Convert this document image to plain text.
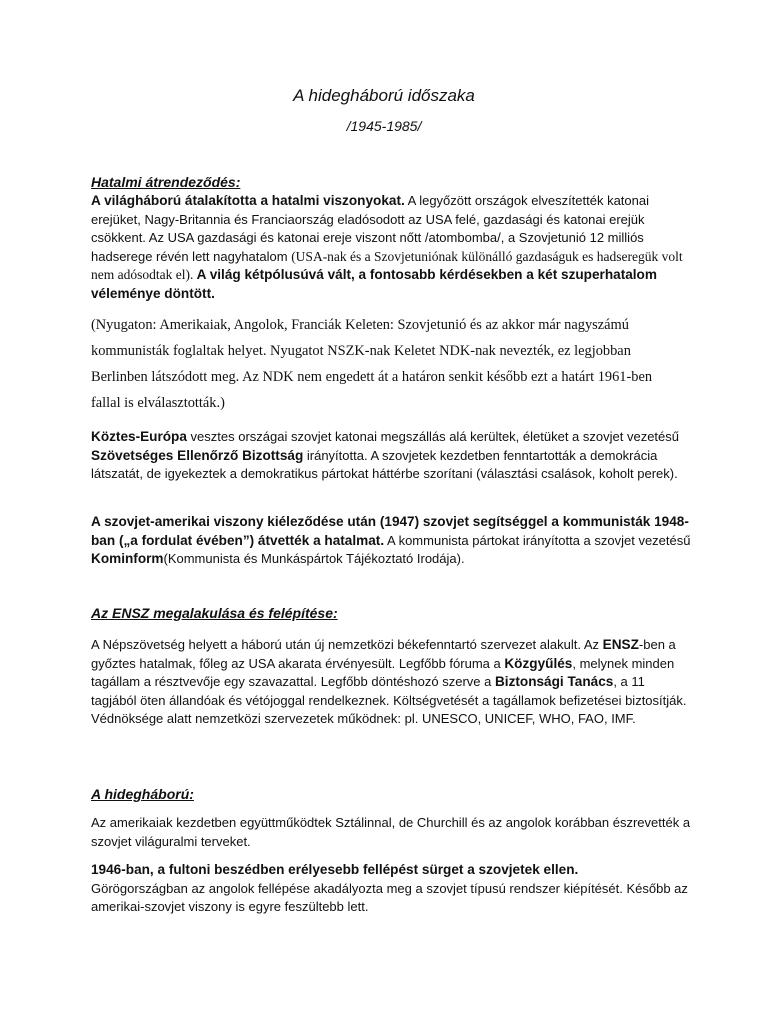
A hidegháború időszaka
/1945-1985/
Hatalmi átrendeződés:

A világháború átalakította a hatalmi viszonyokat. A legyőzött országok elveszítették katonai erejüket, Nagy-Britannia és Franciaország eladósodott az USA felé, gazdasági és katonai erejük csökkent. Az USA gazdasági és katonai ereje viszont nőtt /atombomba/, a Szovjetunió 12 milliós hadserege révén lett nagyhatalom (USA-nak és a Szovjetuniónak különálló gazdaságuk es hadseregük volt nem adósodtak el). A világ kétpólusúvá vált, a fontosabb kérdésekben a két szuperhatalom véleménye döntött.

(Nyugaton: Amerikaiak, Angolok, Franciák Keleten: Szovjetunió és az akkor már nagyszámú kommunisták foglaltak helyet. Nyugatot NSZK-nak Keletet NDK-nak nevezték, ez legjobban Berlinben látszódott meg. Az NDK nem engedett át a határon senkit később ezt a határt 1961-ben fallal is elválasztották.)

Köztes-Európa vesztes országai szovjet katonai megszállás alá kerültek, életüket a szovjet vezetésű Szövetséges Ellenőrző Bizottság irányította. A szovjetek kezdetben fenntartották a demokrácia látszatát, de igyekeztek a demokratikus pártokat háttérbe szorítani (választási csalások, koholt perek).

A szovjet-amerikai viszony kiéleződése után (1947) szovjet segítséggel a kommunisták 1948-ban („a fordulat évében”) átvették a hatalmat. A kommunista pártokat irányította a szovjet vezetésű Kominform(Kommunista és Munkáspártok Tájékoztató Irodája).

Az ENSZ megalakulása és felépítése:

A Népszövetség helyett a háború után új nemzetközi békefenntartó szervezet alakult. Az ENSZ-ben a győztes hatalmak, főleg az USA akarata érvényesült. Legfőbb fóruma a Közgyűlés, melynek minden tagállam a résztvevője egy szavazattal. Legfőbb döntéshozó szerve a Biztonsági Tanács, a 11 tagjából öten állandóak és vétójoggal rendelkeznek. Költségvetését a tagállamok befizetései biztosítják. Védnöksége alatt nemzetközi szervezetek működnek: pl. UNESCO, UNICEF, WHO, FAO, IMF.

A hidegháború:

Az amerikaiak kezdetben együttműködtek Sztálinnal, de Churchill és az angolok korábban észrevették a szovjet világuralmi terveket.

1946-ban, a fultoni beszédben erélyesebb fellépést sürget a szovjetek ellen.
Görögországban az angolok fellépése akadályozta meg a szovjet típusú rendszer kiépítését. Később az amerikai-szovjet viszony is egyre feszültebb lett.
